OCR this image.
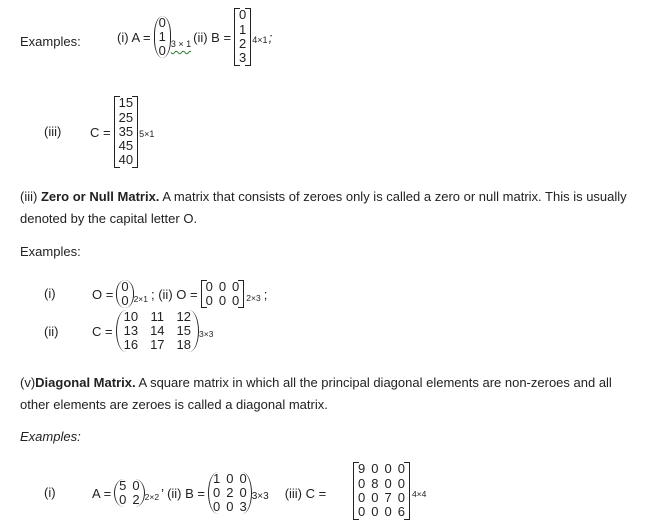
Examples:	(i) A =
0
1
0 3 × 1 (ii) B =
0
1
2
3
4×1 ;
(iii) C =
15
25
35
45
40
5×1
(iii) Zero or Null Matrix. A matrix that consists of zeroes only is called a zero or null matrix. This is usually denoted by the capital letter O.
Examples:
(i)	O =
0
0 2×1 ; (ii) O =
0	0	0
0	0	0 2×3 ;
(ii)	C =
10	11	12
13	14	15
16	17	18
3×3
(v)Diagonal Matrix. A square matrix in which all the principal diagonal elements are non-zeroes and all other elements are zeroes is called a diagonal matrix.
Examples:
(i)	A =
5	0
0	2 2×2 ’ (ii) B =
1	0	0
0	2	0
0	0	3
3×3 (iii) C =
9	0	0	0
0	8	0	0
0	0	7	0
0	0	0	6
4×4
